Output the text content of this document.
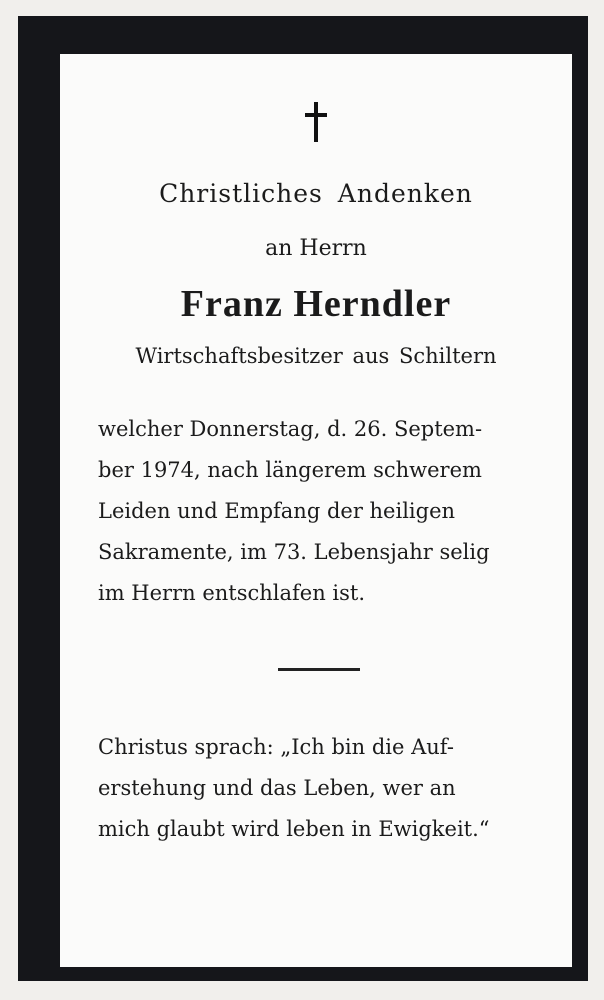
Christliches Andenken

an Herrn

Franz Herndler

Wirtschaftsbesitzer aus Schiltern

welcher Donnerstag, d. 26. Septem-
ber 1974, nach längerem schwerem
Leiden und Empfang der heiligen
Sakramente, im 73. Lebensjahr selig
im Herrn entschlafen ist.
Christus sprach: „Ich bin die Auf-
erstehung und das Leben, wer an
mich glaubt wird leben in Ewigkeit.“
